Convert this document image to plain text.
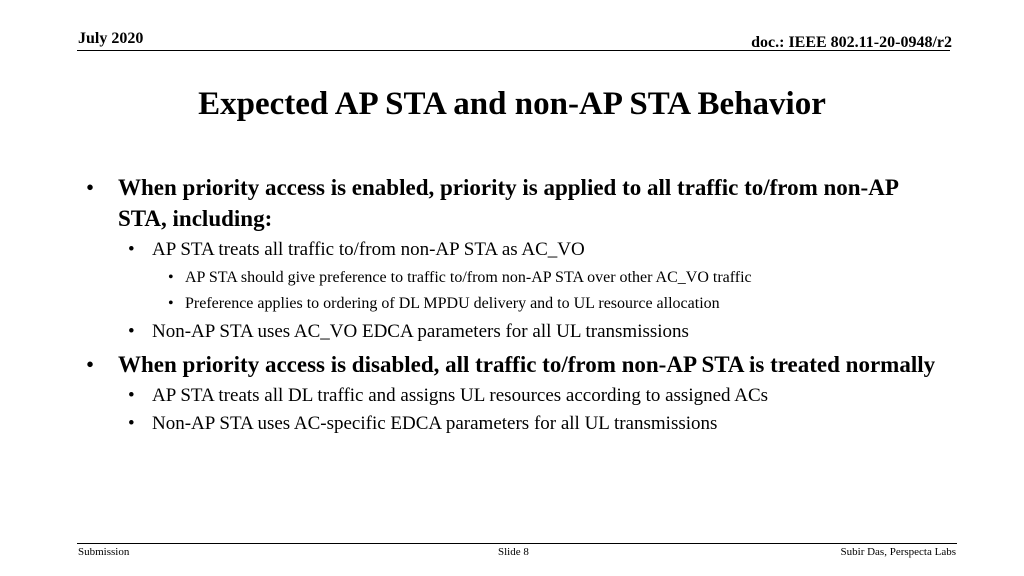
July 2020	doc.: IEEE 802.11-20-0948/r2
Expected AP STA and non-AP STA Behavior
• When priority access is enabled, priority is applied to all traffic to/from non-AP STA, including:
• AP STA treats all traffic to/from non-AP STA as AC_VO
• AP STA should give preference to traffic to/from non-AP STA over other AC_VO traffic
• Preference applies to ordering of DL MPDU delivery and to UL resource allocation
• Non-AP STA uses AC_VO EDCA parameters for all UL transmissions
• When priority access is disabled, all traffic to/from non-AP STA is treated normally
• AP STA treats all DL traffic and assigns UL resources according to assigned ACs
• Non-AP STA uses AC-specific EDCA parameters for all UL transmissions
Submission	Slide 8	Subir Das, Perspecta Labs
